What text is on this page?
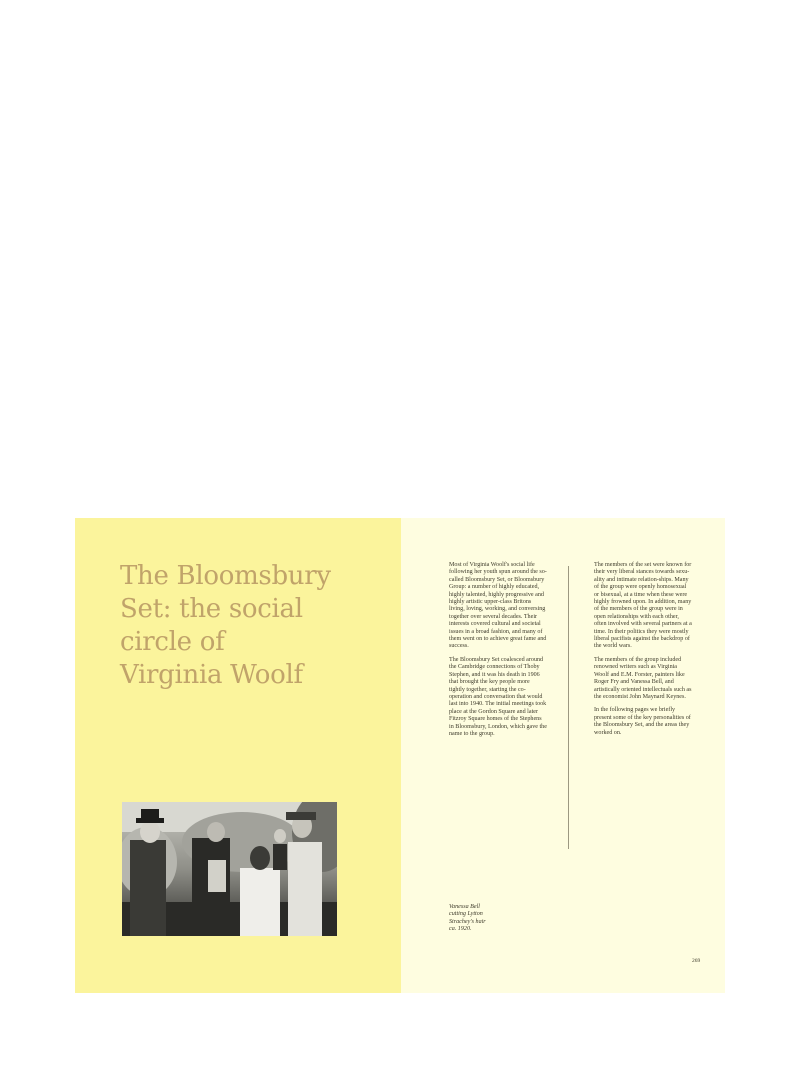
The Bloomsbury
Set: the social
circle of
Virginia Woolf

Most of Virginia Woolf's social life following her youth spun around the so-called Bloomsbury Set, or Bloomsbury Group: a number of highly educated, highly talented, highly progressive and highly artistic upper-class Britons living, loving, working, and conversing together over several decades. Their interests covered cultural and societal issues in a broad fashion, and many of them went on to achieve great fame and success.

The Bloomsbury Set coalesced around the Cambridge connections of Thoby Stephen, and it was his death in 1906 that brought the key people more tightly together, starting the co-operation and conversation that would last into 1940. The initial meetings took place at the Gordon Square and later Fitzroy Square homes of the Stephens in Bloomsbury, London, which gave the name to the group.

The members of the set were known for their very liberal stances towards sexu-ality and intimate relation-ships. Many of the group were openly homosexual or bisexual, at a time when these were highly frowned upon. In addition, many of the members of the group were in open relationships with each other, often involved with several partners at a time. In their politics they were mostly liberal pacifists against the backdrop of the world wars.

The members of the group included renowned writers such as Virginia Woolf and E.M. Forster, painters like Roger Fry and Vanessa Bell, and artistically oriented intellectuals such as the economist John Maynard Keynes.

In the following pages we briefly present some of the key personalities of the Bloomsbury Set, and the areas they worked on.

Vanessa Bell
cutting Lytton
Strachey's hair
ca. 1920.
269
